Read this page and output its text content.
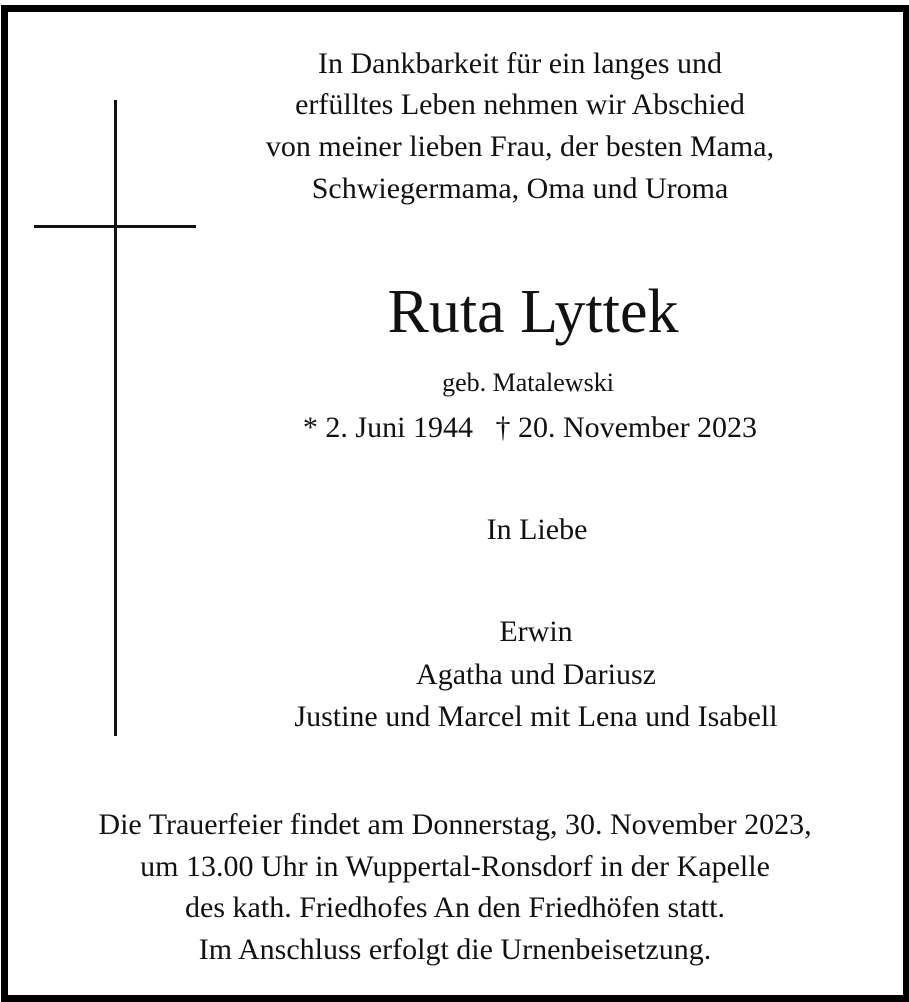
In Dankbarkeit für ein langes und
erfülltes Leben nehmen wir Abschied
von meiner lieben Frau, der besten Mama,
Schwiegermama, Oma und Uroma
Ruta Lyttek
geb. Matalewski
* 2. Juni 1944   † 20. November 2023
In Liebe
Erwin
Agatha und Dariusz
Justine und Marcel mit Lena und Isabell
Die Trauerfeier findet am Donnerstag, 30. November 2023,
um 13.00 Uhr in Wuppertal-Ronsdorf in der Kapelle
des kath. Friedhofes An den Friedhöfen statt.
Im Anschluss erfolgt die Urnenbeisetzung.
